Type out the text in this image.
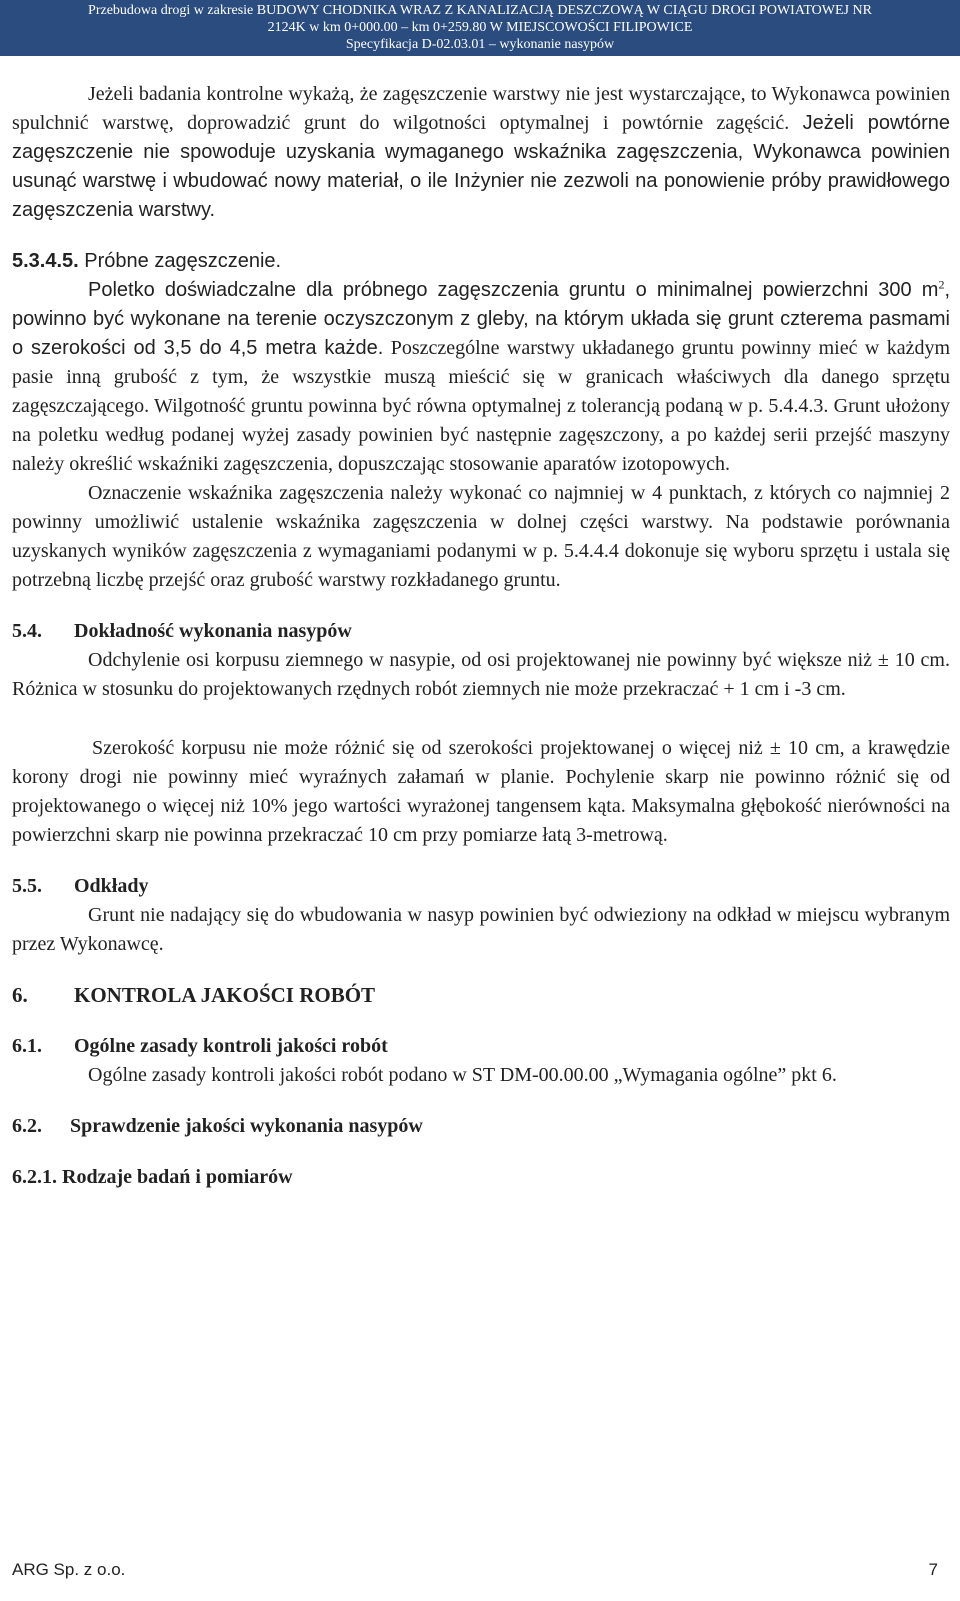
Przebudowa drogi w zakresie BUDOWY CHODNIKA WRAZ Z KANALIZACJĄ DESZCZOWĄ W CIĄGU DROGI POWIATOWEJ NR
2124K w km 0+000.00 – km 0+259.80 W MIEJSCOWOŚCI FILIPOWICE
Specyfikacja D-02.03.01 – wykonanie nasypów

Jeżeli badania kontrolne wykażą, że zagęszczenie warstwy nie jest wystarczające, to Wykonawca powinien spulchnić warstwę, doprowadzić grunt do wilgotności optymalnej i powtórnie zagęścić. Jeżeli powtórne zagęszczenie nie spowoduje uzyskania wymaganego wskaźnika zagęszczenia, Wykonawca powinien usunąć warstwę i wbudować nowy materiał, o ile Inżynier nie zezwoli na ponowienie próby prawidłowego zagęszczenia warstwy.

5.3.4.5. Próbne zagęszczenie.

Poletko doświadczalne dla próbnego zagęszczenia gruntu o minimalnej powierzchni 300 $m^2$, powinno być wykonane na terenie oczyszczonym z gleby, na którym układa się grunt czterema pasmami o szerokości od 3,5 do 4,5 metra każde. Poszczególne warstwy układanego gruntu powinny mieć w każdym pasie inną grubość z tym, że wszystkie muszą mieścić się w granicach właściwych dla danego sprzętu zagęszczającego. Wilgotność gruntu powinna być równa optymalnej z tolerancją podaną w p. 5.4.4.3. Grunt ułożony na poletku według podanej wyżej zasady powinien być następnie zagęszczony, a po każdej serii przejść maszyny należy określić wskaźniki zagęszczenia, dopuszczając stosowanie aparatów izotopowych.

Oznaczenie wskaźnika zagęszczenia należy wykonać co najmniej w 4 punktach, z których co najmniej 2 powinny umożliwić ustalenie wskaźnika zagęszczenia w dolnej części warstwy. Na podstawie porównania uzyskanych wyników zagęszczenia z wymaganiami podanymi w p. 5.4.4.4 dokonuje się wyboru sprzętu i ustala się potrzebną liczbę przejść oraz grubość warstwy rozkładanego gruntu.

5.4. Dokładność wykonania nasypów

Odchylenie osi korpusu ziemnego w nasypie, od osi projektowanej nie powinny być większe niż ± 10 cm. Różnica w stosunku do projektowanych rzędnych robót ziemnych nie może przekraczać + 1 cm i -3 cm.

Szerokość korpusu nie może różnić się od szerokości projektowanej o więcej niż ± 10 cm, a krawędzie korony drogi nie powinny mieć wyraźnych załamań w planie. Pochylenie skarp nie powinno różnić się od projektowanego o więcej niż 10% jego wartości wyrażonej tangensem kąta. Maksymalna głębokość nierówności na powierzchni skarp nie powinna przekraczać 10 cm przy pomiarze łatą 3-metrową.

5.5. Odkłady

Grunt nie nadający się do wbudowania w nasyp powinien być odwieziony na odkład w miejscu wybranym przez Wykonawcę.

6. KONTROLA JAKOŚCI ROBÓT
6.1. Ogólne zasady kontroli jakości robót

Ogólne zasady kontroli jakości robót podano w ST DM-00.00.00 „Wymagania ogólne” pkt 6.

6.2. Sprawdzenie jakości wykonania nasypów
6.2.1. Rodzaje badań i pomiarów
ARG Sp. z o.o.	7
